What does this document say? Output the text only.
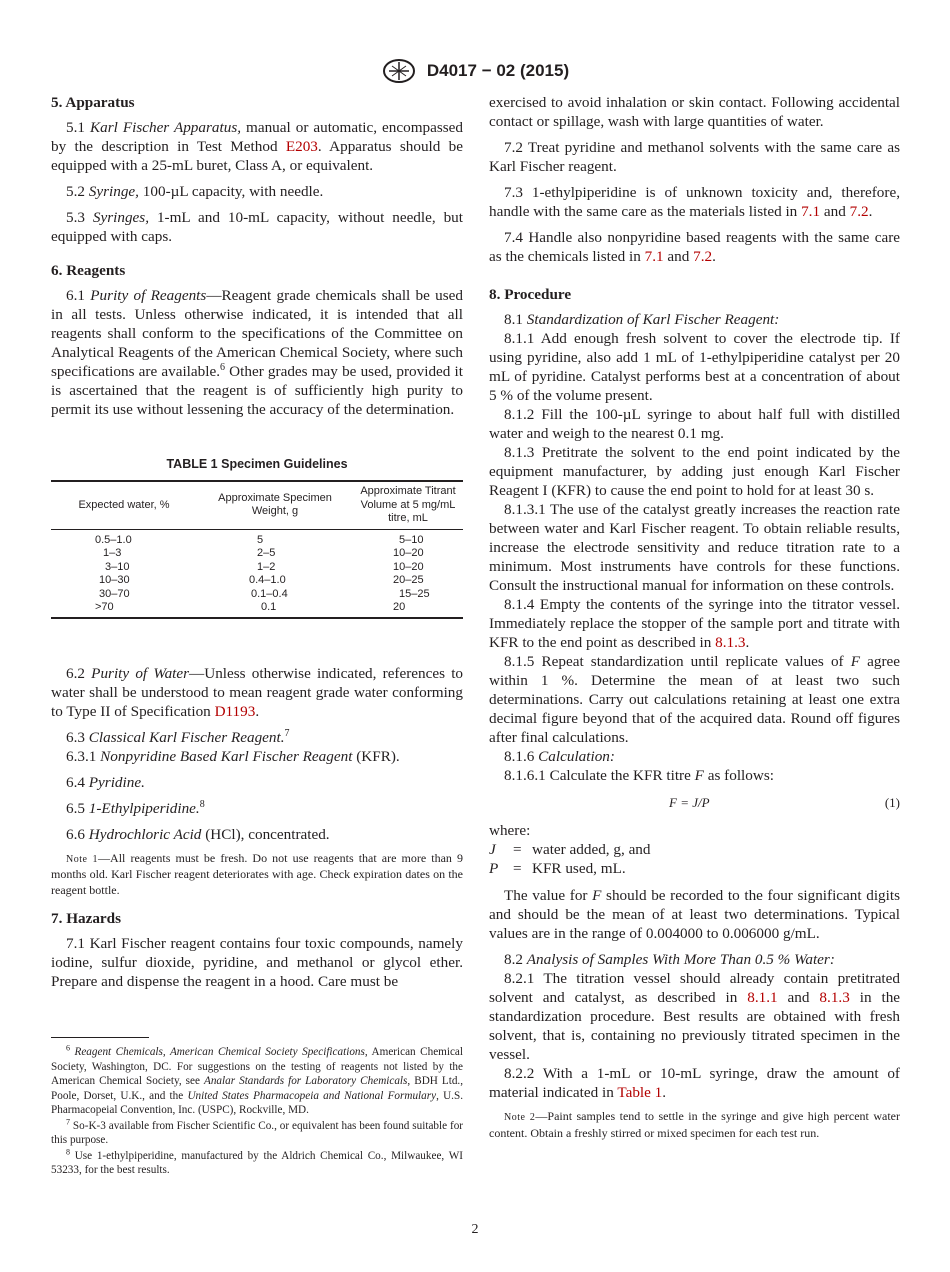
D4017 − 02 (2015)
5. Apparatus

5.1 Karl Fischer Apparatus, manual or automatic, encompassed by the description in Test Method E203. Apparatus should be equipped with a 25-mL buret, Class A, or equivalent.

5.2 Syringe, 100-µL capacity, with needle.

5.3 Syringes, 1-mL and 10-mL capacity, without needle, but equipped with caps.

6. Reagents

6.1 Purity of Reagents—Reagent grade chemicals shall be used in all tests. Unless otherwise indicated, it is intended that all reagents shall conform to the specifications of the Committee on Analytical Reagents of the American Chemical Society, where such specifications are available.$^6$ Other grades may be used, provided it is ascertained that the reagent is of sufficiently high purity to permit its use without lessening the accuracy of the determination.

TABLE 1 Specimen Guidelines

Expected water, %	Approximate Specimen Weight, g	Approximate Titrant Volume at 5 mg/mL titre, mL
0.5–1.0	5	5–10
1–3	2–5	10–20
3–10	1–2	10–20
10–30	0.4–1.0	20–25
30–70	0.1–0.4	15–25
>70	0.1	20

6.2 Purity of Water—Unless otherwise indicated, references to water shall be understood to mean reagent grade water conforming to Type II of Specification D1193.

6.3 Classical Karl Fischer Reagent.$^7$

6.3.1 Nonpyridine Based Karl Fischer Reagent (KFR).

6.4 Pyridine.

6.5 1-Ethylpiperidine.$^8$

6.6 Hydrochloric Acid (HCl), concentrated.

Note 1—All reagents must be fresh. Do not use reagents that are more than 9 months old. Karl Fischer reagent deteriorates with age. Check expiration dates on the reagent bottle.

7. Hazards

7.1 Karl Fischer reagent contains four toxic compounds, namely iodine, sulfur dioxide, pyridine, and methanol or glycol ether. Prepare and dispense the reagent in a hood. Care must be

$^6$ Reagent Chemicals, American Chemical Society Specifications, American Chemical Society, Washington, DC. For suggestions on the testing of reagents not listed by the American Chemical Society, see Analar Standards for Laboratory Chemicals, BDH Ltd., Poole, Dorset, U.K., and the United States Pharmacopeia and National Formulary, U.S. Pharmacopeial Convention, Inc. (USPC), Rockville, MD.

$^7$ So-K-3 available from Fischer Scientific Co., or equivalent has been found suitable for this purpose.

$^8$ Use 1-ethylpiperidine, manufactured by the Aldrich Chemical Co., Milwaukee, WI 53233, for the best results.

exercised to avoid inhalation or skin contact. Following accidental contact or spillage, wash with large quantities of water.

7.2 Treat pyridine and methanol solvents with the same care as Karl Fischer reagent.

7.3 1-ethylpiperidine is of unknown toxicity and, therefore, handle with the same care as the materials listed in 7.1 and 7.2.

7.4 Handle also nonpyridine based reagents with the same care as the chemicals listed in 7.1 and 7.2.

8. Procedure

8.1 Standardization of Karl Fischer Reagent:

8.1.1 Add enough fresh solvent to cover the electrode tip. If using pyridine, also add 1 mL of 1-ethylpiperidine catalyst per 20 mL of pyridine. Catalyst performs best at a concentration of about 5 % of the volume present.

8.1.2 Fill the 100-µL syringe to about half full with distilled water and weigh to the nearest 0.1 mg.

8.1.3 Pretitrate the solvent to the end point indicated by the equipment manufacturer, by adding just enough Karl Fischer Reagent I (KFR) to cause the end point to hold for at least 30 s.

8.1.3.1 The use of the catalyst greatly increases the reaction rate between water and Karl Fischer reagent. To obtain reliable results, increase the electrode sensitivity and reduce titration rate to a minimum. Most instruments have controls for these functions. Consult the instructional manual for information on these controls.

8.1.4 Empty the contents of the syringe into the titrator vessel. Immediately replace the stopper of the sample port and titrate with KFR to the end point as described in 8.1.3.

8.1.5 Repeat standardization until replicate values of F agree within 1 %. Determine the mean of at least two such determinations. Carry out calculations retaining at least one extra decimal figure beyond that of the acquired data. Round off figures after final calculations.

8.1.6 Calculation:

8.1.6.1 Calculate the KFR titre F as follows:

F = J/P	(1)

where:

J = water added, g, and
P = KFR used, mL.

The value for F should be recorded to the four significant digits and should be the mean of at least two determinations. Typical values are in the range of 0.004000 to 0.006000 g/mL.

8.2 Analysis of Samples With More Than 0.5 % Water:

8.2.1 The titration vessel should already contain pretitrated solvent and catalyst, as described in 8.1.1 and 8.1.3 in the standardization procedure. Best results are obtained with fresh solvent, that is, containing no previously titrated specimen in the vessel.

8.2.2 With a 1-mL or 10-mL syringe, draw the amount of material indicated in Table 1.

Note 2—Paint samples tend to settle in the syringe and give high percent water content. Obtain a freshly stirred or mixed specimen for each test run.

2
